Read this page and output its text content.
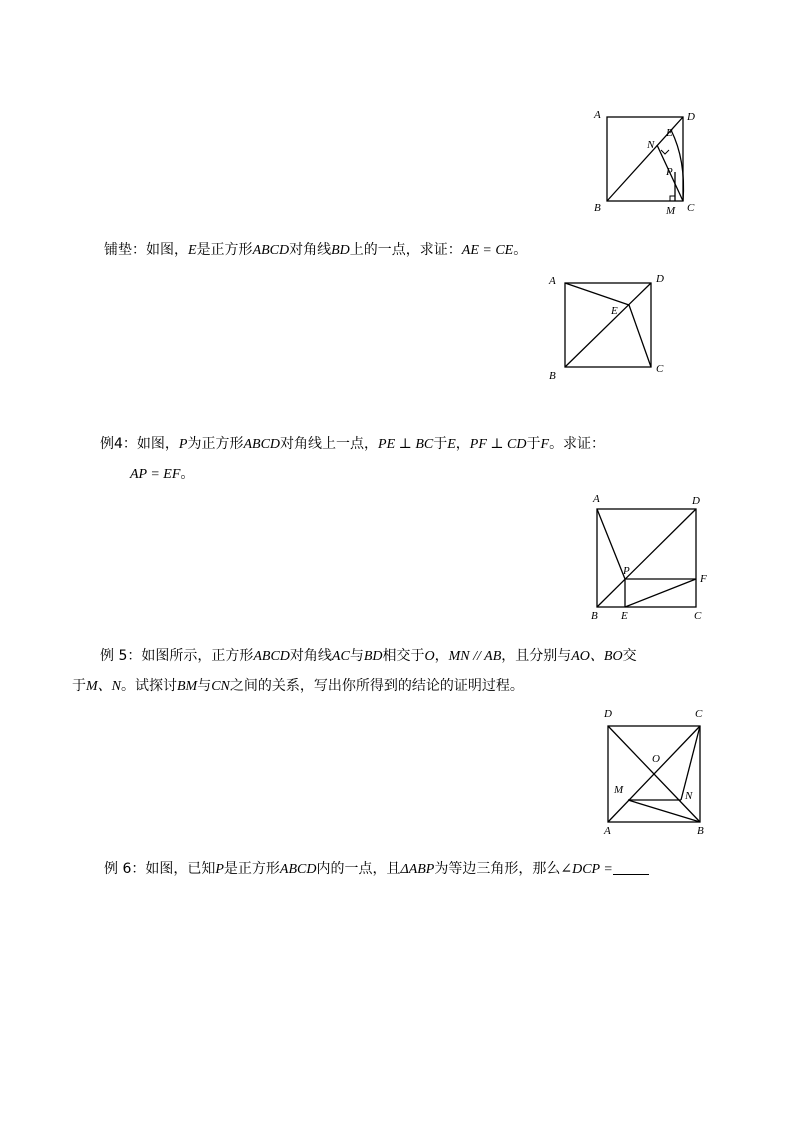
A	D
B	C
E
N
P
M
铺垫：如图，E是正方形ABCD对角线BD上的一点，求证：AE = CE。
A	D
E
B
C
例4：如图，P为正方形ABCD对角线上一点，PE ⊥ BC于E，PF ⊥ CD于F。求证：
AP = EF。
A	D
P
F
B E	C
例 5：如图所示，正方形ABCD对角线AC与BD相交于O，MN // AB，且分别与AO、BO交
于M、N。试探讨BM与CN之间的关系，写出你所得到的结论的证明过程。
D	C
O
M	N
A	B
例 6：如图，已知P是正方形ABCD内的一点，且ΔABP为等边三角形，那么∠DCP =
